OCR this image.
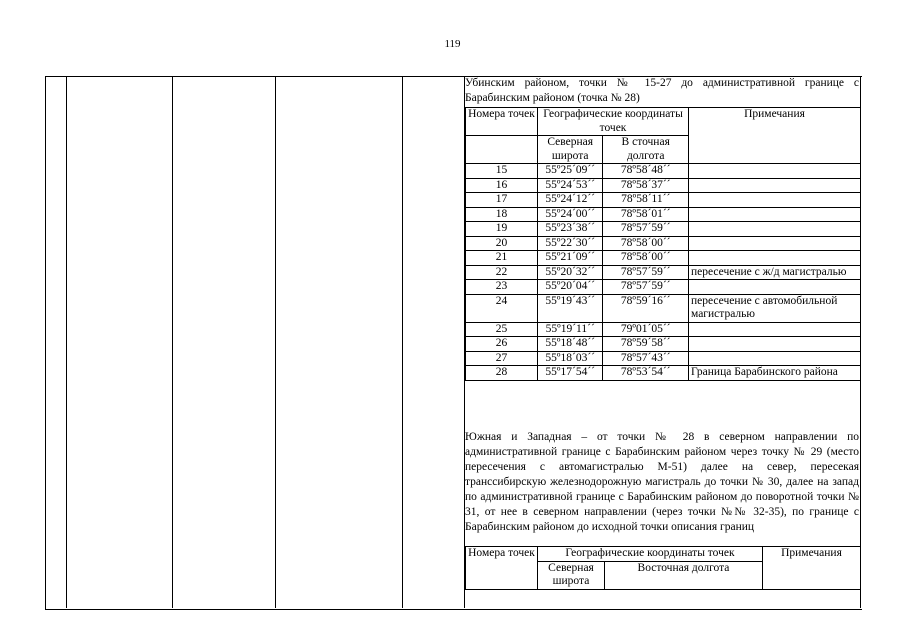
119
Убинским районом, точки № 15-27 до административной границе с Барабинским районом (точка № 28)
Номера точек	Географические координаты точек		Примечания
	Северная широта	В сточная долгота	

15	55º25´09´´	78º58´48´´	
16	55º24´53´´	78º58´37´´	
17	55º24´12´´	78º58´11´´	
18	55º24´00´´	78º58´01´´	
19	55º23´38´´	78º57´59´´	
20	55º22´30´´	78º58´00´´	
21	55º21´09´´	78º58´00´´	
22	55º20´32´´	78º57´59´´	пересечение с ж/д магистралью
23	55º20´04´´	78º57´59´´	
24	55º19´43´´	78º59´16´´	пересечение с автомобильной магистралью
25	55º19´11´´	79º01´05´´	
26	55º18´48´´	78º59´58´´	
27	55º18´03´´	78º57´43´´	
28	55º17´54´´	78º53´54´´	Граница Барабинского района
Южная и Западная – от точки № 28 в северном направлении по административной границе с Барабинским районом через точку № 29 (место пересечения с автомагистралью М-51) далее на север, пересекая транссибирскую железнодорожную магистраль до точки № 30, далее на запад по административной границе с Барабинским районом до поворотной точки № 31, от нее в северном направлении (через точки №№ 32-35), по границе с Барабинским районом до исходной точки описания границ
Номера точек	Географические координаты точек		Примечания
	Северная широта	Восточная долгота	
